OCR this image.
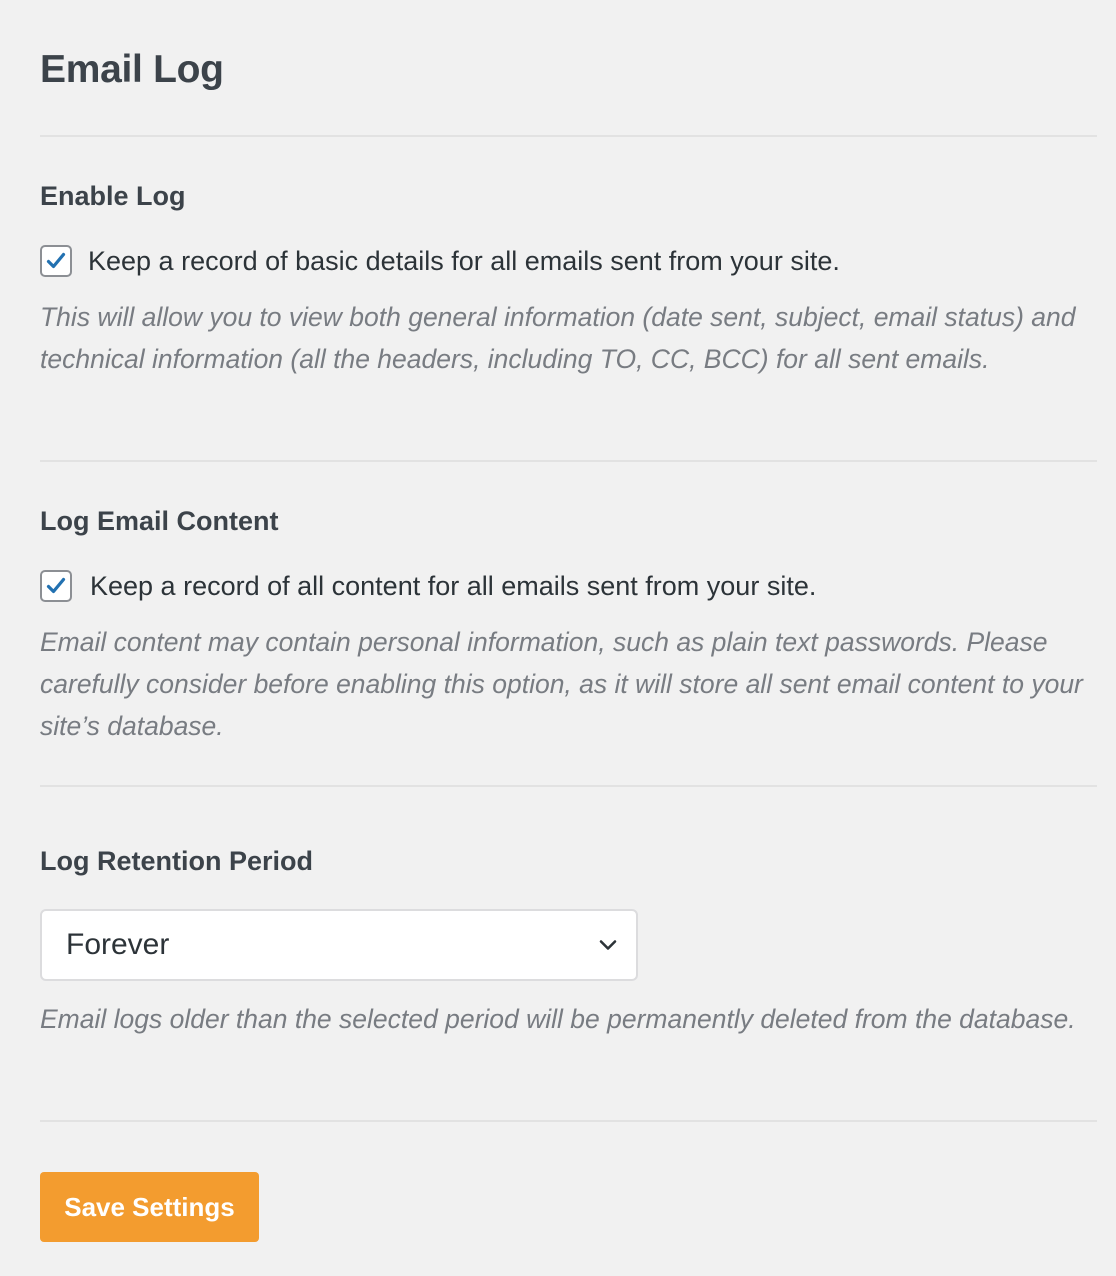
Email Log
Enable Log
Keep a record of basic details for all emails sent from your site.

This will allow you to view both general information (date sent, subject, email status) and technical information (all the headers, including TO, CC, BCC) for all sent emails.

Log Email Content
Keep a record of all content for all emails sent from your site.

Email content may contain personal information, such as plain text passwords. Please carefully consider before enabling this option, as it will store all sent email content to your site’s database.

Log Retention Period
Forever

Email logs older than the selected period will be permanently deleted from the database.

Save Settings
